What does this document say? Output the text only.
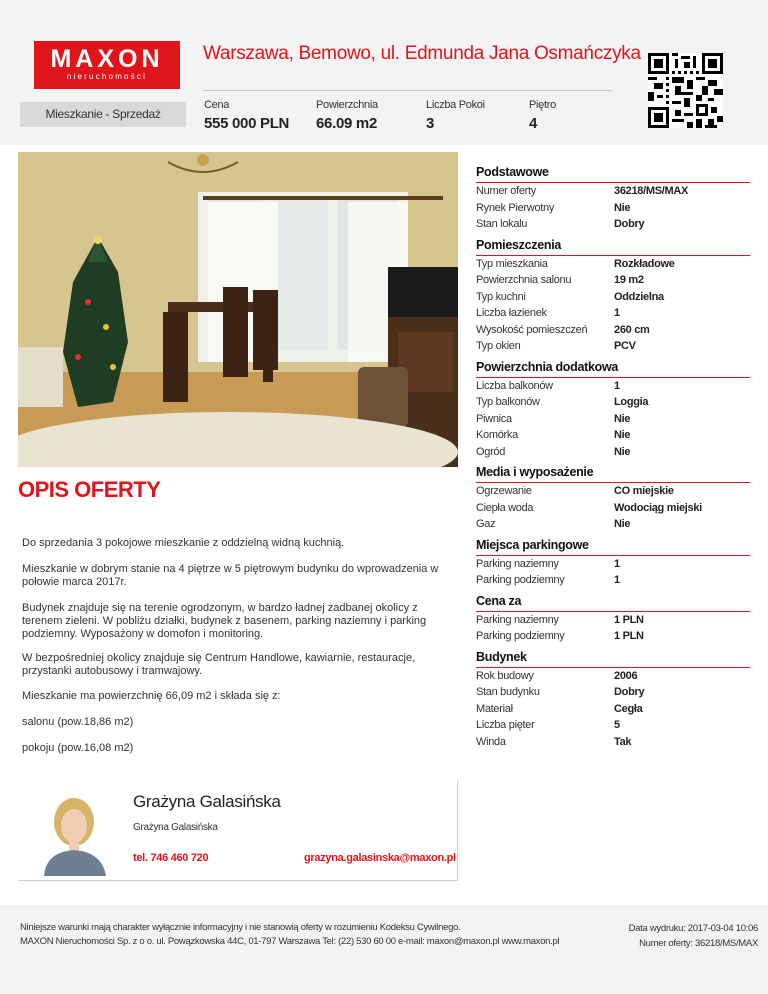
MAXON
nieruchomości
Warszawa, Bemowo, ul. Edmunda Jana Osmańczyka
Mieszkanie - Sprzedaż
Cena
555 000 PLN
Powierzchnia
66.09 m2
Liczba Pokoi
3
Piętro
4
OPIS OFERTY

Do sprzedania 3 pokojowe mieszkanie z oddzielną widną kuchnią.

Mieszkanie w dobrym stanie na 4 piętrze w 5 piętrowym budynku do wprowadzenia w połowie marca 2017r.

Budynek znajduje się na terenie ogrodzonym, w bardzo ładnej zadbanej okolicy z terenem zieleni. W pobliżu działki, budynek z basenem, parking naziemny i parking podziemny. Wyposażony w domofon i monitoring.

W bezpośredniej okolicy znajduje się Centrum Handlowe, kawiarnie, restauracje, przystanki autobusowy i tramwajowy.

Mieszkanie ma powierzchnię 66,09 m2 i składa się z:

salonu (pow.18,86 m2)

pokoju (pow.16,08 m2)

Podstawowe
Numer oferty	36218/MS/MAX
Rynek Pierwotny	Nie
Stan lokalu	Dobry
Pomieszczenia
Typ mieszkania	Rozkładowe
Powierzchnia salonu	19 m2
Typ kuchni	Oddzielna
Liczba łazienek	1
Wysokość pomieszczeń	260 cm
Typ okien	PCV
Powierzchnia dodatkowa
Liczba balkonów	1
Typ balkonów	Loggia
Piwnica	Nie
Komórka	Nie
Ogród	Nie
Media i wyposażenie
Ogrzewanie	CO miejskie
Ciepła woda	Wodociąg miejski
Gaz	Nie
Miejsca parkingowe
Parking naziemny	1
Parking podziemny	1
Cena za
Parking naziemny	1 PLN
Parking podziemny	1 PLN
Budynek
Rok budowy	2006
Stan budynku	Dobry
Materiał	Cegła
Liczba pięter	5
Winda	Tak
Grażyna Galasińska
Grażyna Galasińska
tel. 746 460 720	grazyna.galasinska@maxon.pl
Niniejsze warunki mają charakter wyłącznie informacyjny i nie stanowią oferty w rozumieniu Kodeksu Cywilnego.
MAXON Nieruchomości Sp. z o o. ul. Powązkowska 44C, 01-797 Warszawa Tel: (22) 530 60 00 e-mail: maxon@maxon.pl www.maxon.pl
Data wydruku: 2017-03-04 10:06
Numer oferty: 36218/MS/MAX
